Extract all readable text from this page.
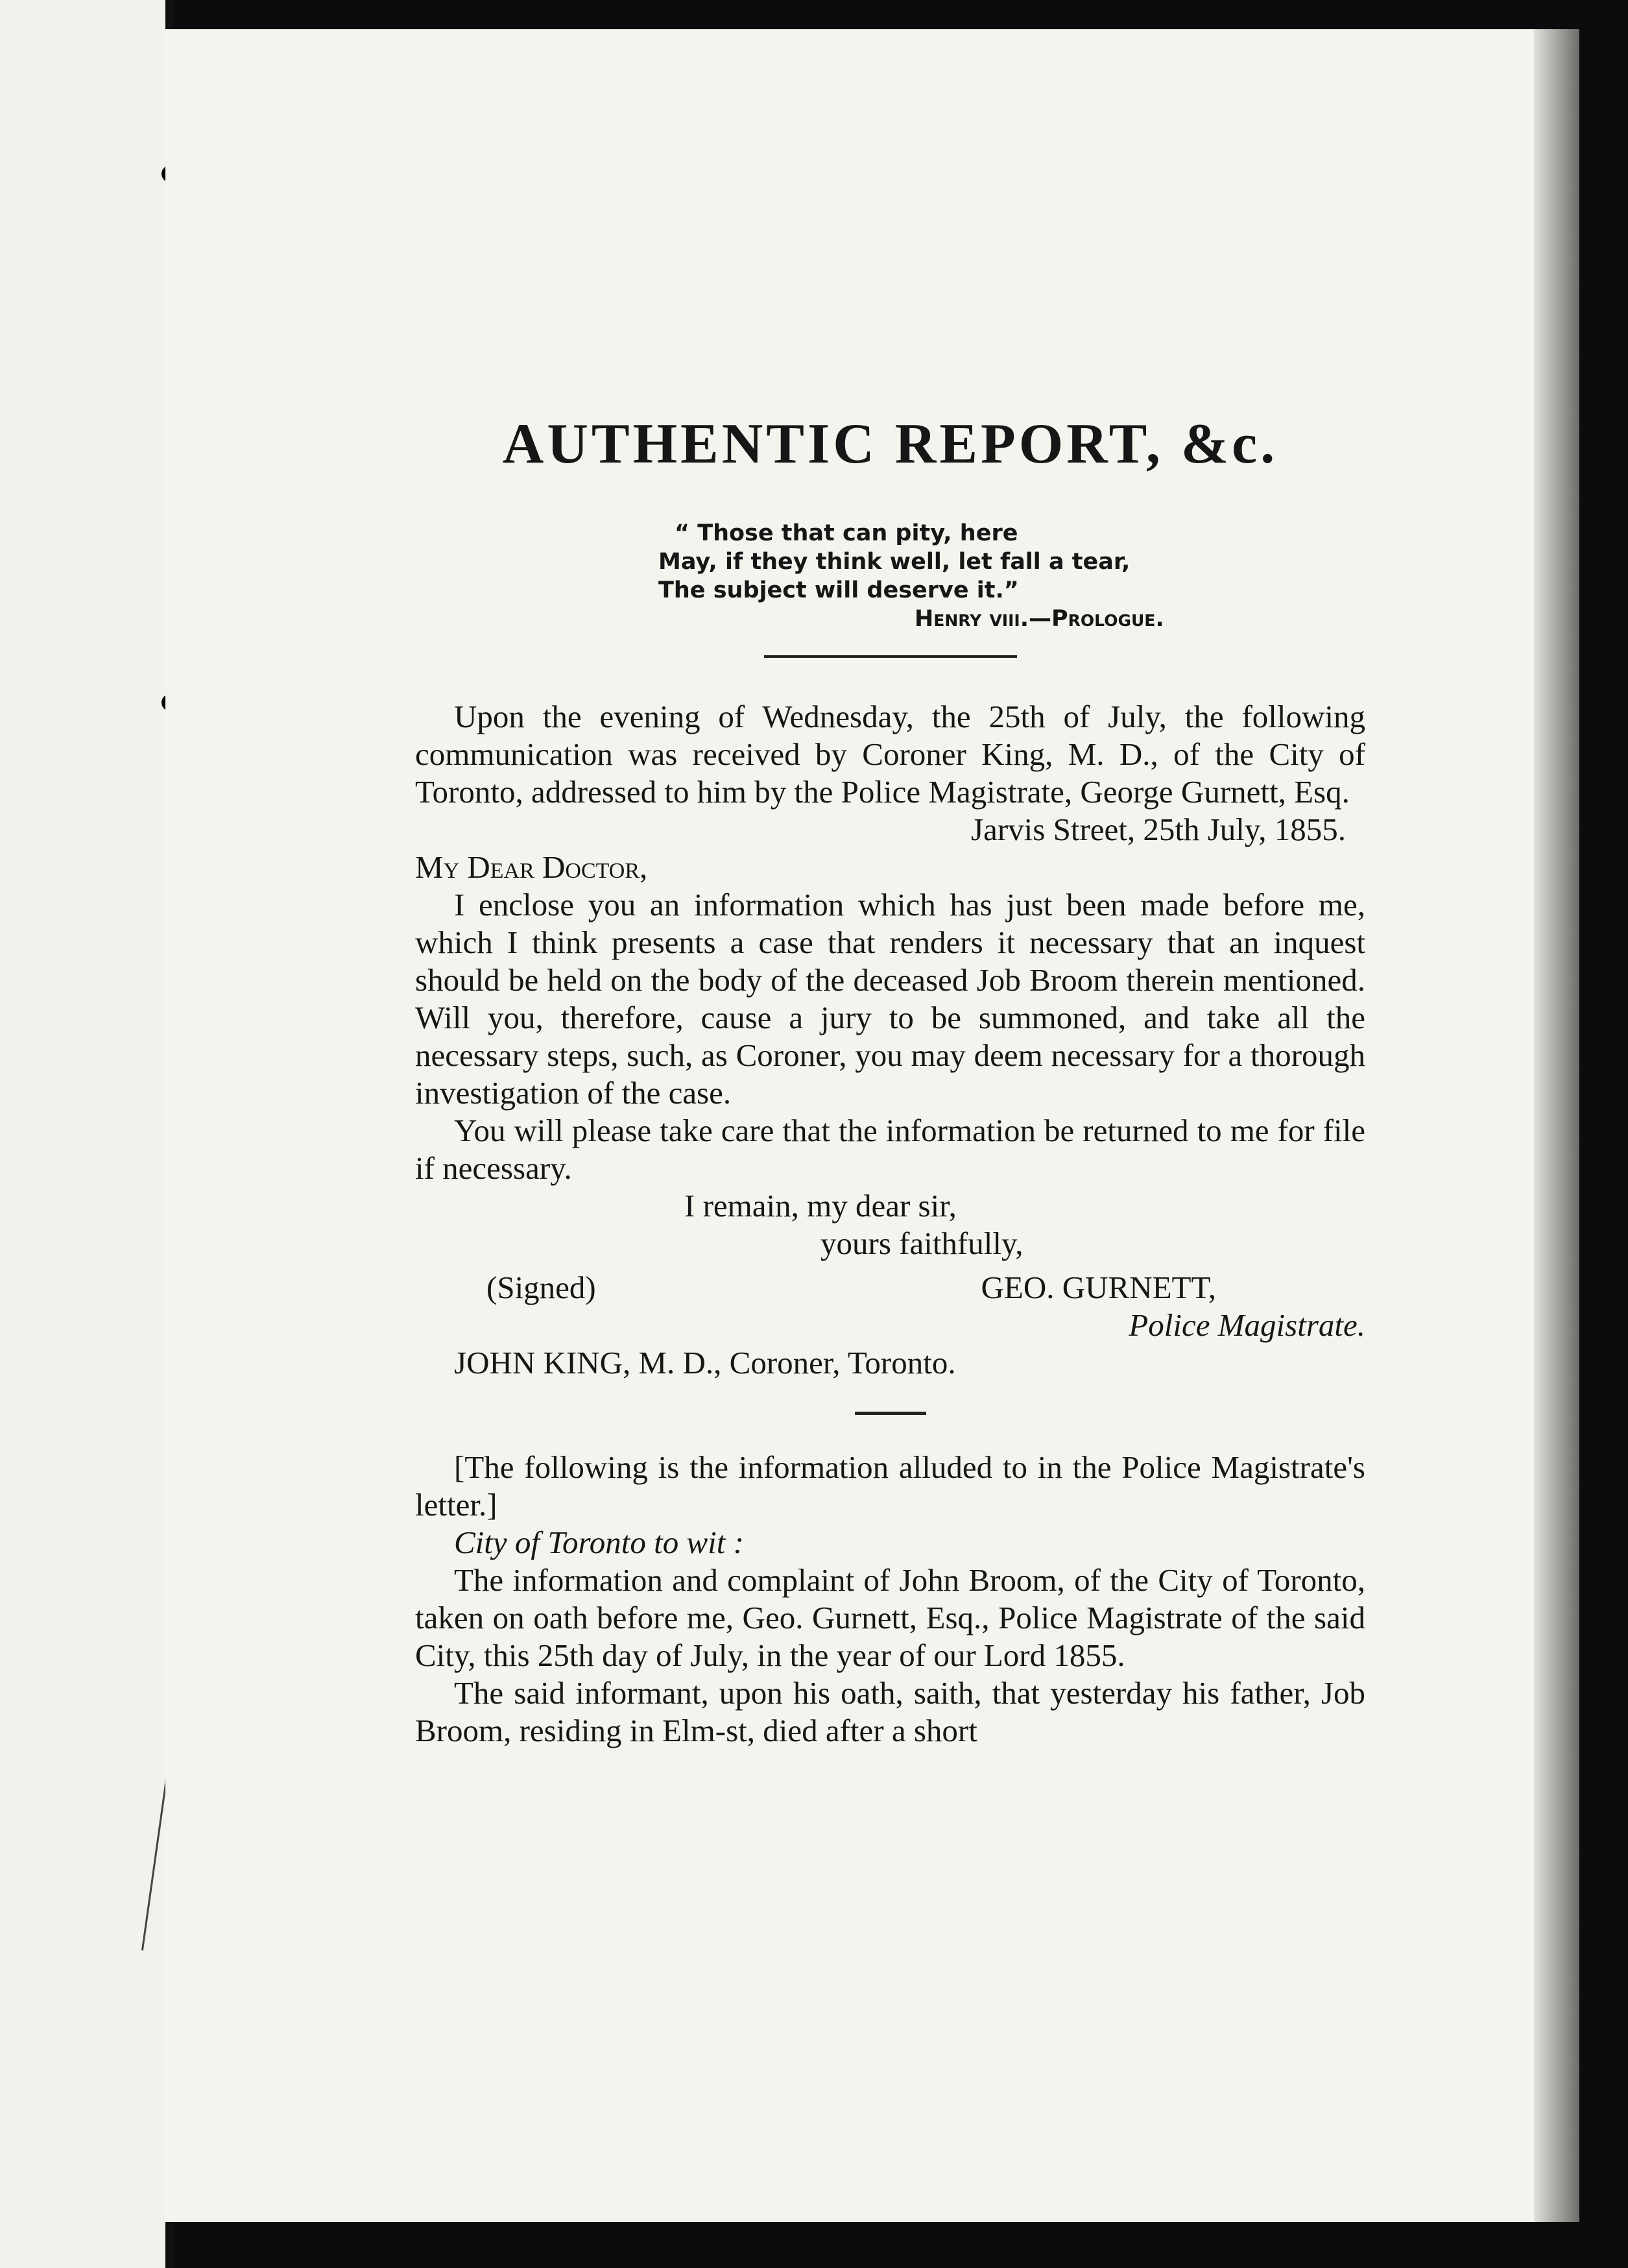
AUTHENTIC REPORT, &c.
“ Those that can pity, here
May, if they think well, let fall a tear,
The subject will deserve it.”
Henry viii.—Prologue.

Upon the evening of Wednesday, the 25th of July, the following communication was received by Coroner King, M. D., of the City of Toronto, addressed to him by the Police Magistrate, George Gurnett, Esq.

Jarvis Street, 25th July, 1855.

My Dear Doctor,

I enclose you an information which has just been made before me, which I think presents a case that renders it necessary that an inquest should be held on the body of the deceased Job Broom therein mentioned. Will you, therefore, cause a jury to be summoned, and take all the necessary steps, such, as Coroner, you may deem necessary for a thorough investigation of the case.

You will please take care that the information be returned to me for file if necessary.

I remain, my dear sir,

yours faithfully,

(Signed)	GEO. GURNETT,

Police Magistrate.

JOHN KING, M. D., Coroner, Toronto.

[The following is the information alluded to in the Police Magistrate's letter.]

City of Toronto to wit :

The information and complaint of John Broom, of the City of Toronto, taken on oath before me, Geo. Gurnett, Esq., Police Magistrate of the said City, this 25th day of July, in the year of our Lord 1855.

The said informant, upon his oath, saith, that yesterday his father, Job Broom, residing in Elm-st, died after a short
